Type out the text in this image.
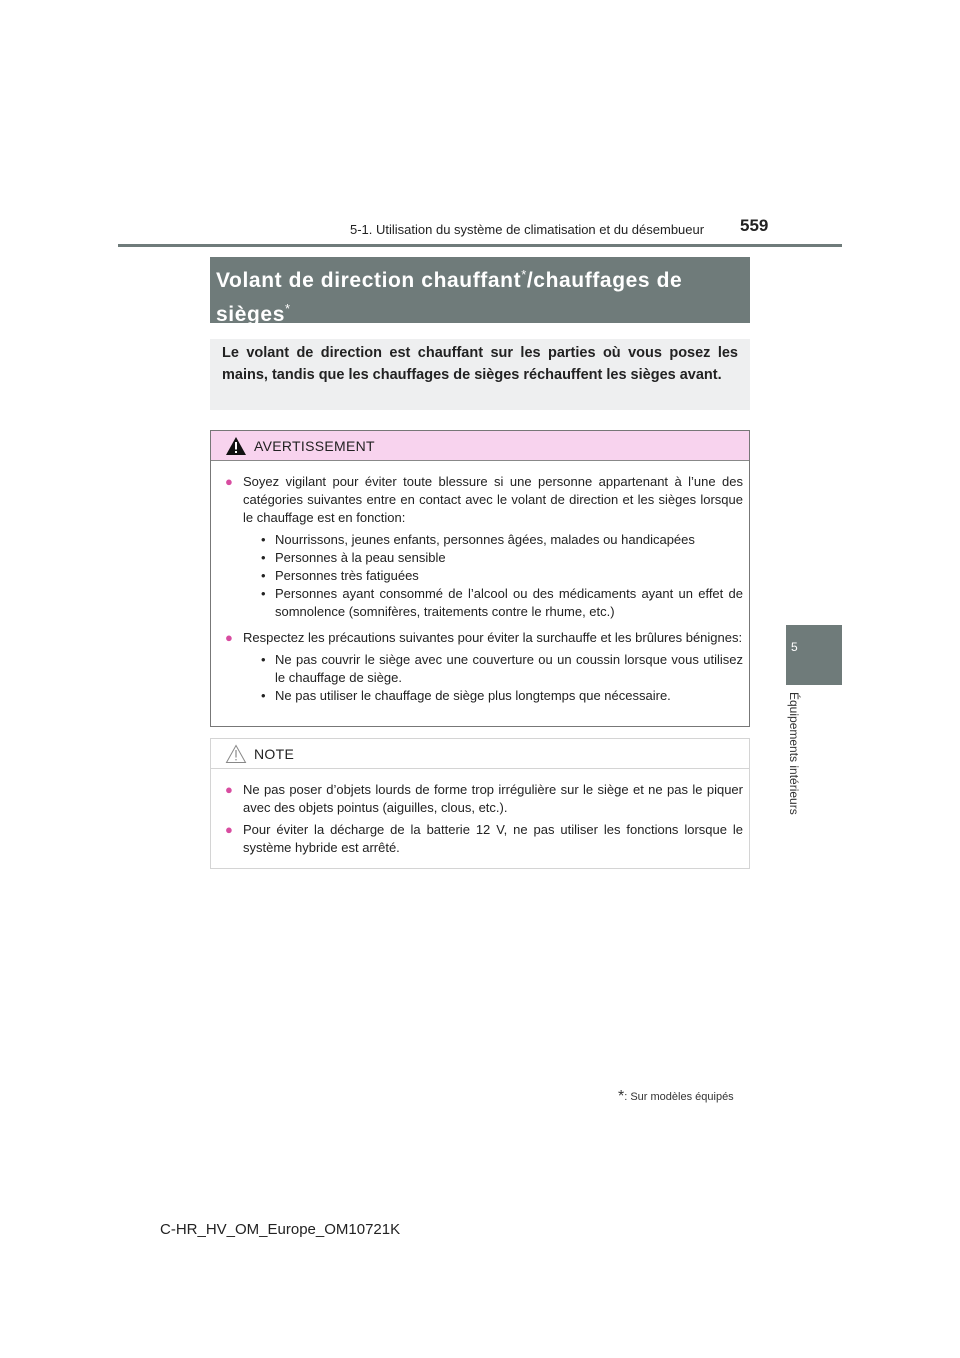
5-1. Utilisation du système de climatisation et du désembueur 559
5
Équipements intérieurs
Volant de direction chauffant*/chauffages de sièges*

Le volant de direction est chauffant sur les parties où vous posez les mains, tandis que les chauffages de sièges réchauffent les sièges avant.

AVERTISSEMENT
● Soyez vigilant pour éviter toute blessure si une personne appartenant à l’une des catégories suivantes entre en contact avec le volant de direction et les sièges lorsque le chauffage est en fonction:
• Nourrissons, jeunes enfants, personnes âgées, malades ou handicapées
• Personnes à la peau sensible
• Personnes très fatiguées
• Personnes ayant consommé de l’alcool ou des médicaments ayant un effet de somnolence (somnifères, traitements contre le rhume, etc.)
● Respectez les précautions suivantes pour éviter la surchauffe et les brûlures bénignes:
• Ne pas couvrir le siège avec une couverture ou un coussin lorsque vous utilisez le chauffage de siège.
• Ne pas utiliser le chauffage de siège plus longtemps que nécessaire.
NOTE
● Ne pas poser d’objets lourds de forme trop irrégulière sur le siège et ne pas le piquer avec des objets pointus (aiguilles, clous, etc.).
● Pour éviter la décharge de la batterie 12 V, ne pas utiliser les fonctions lorsque le système hybride est arrêté.
*: Sur modèles équipés
C-HR_HV_OM_Europe_OM10721K
